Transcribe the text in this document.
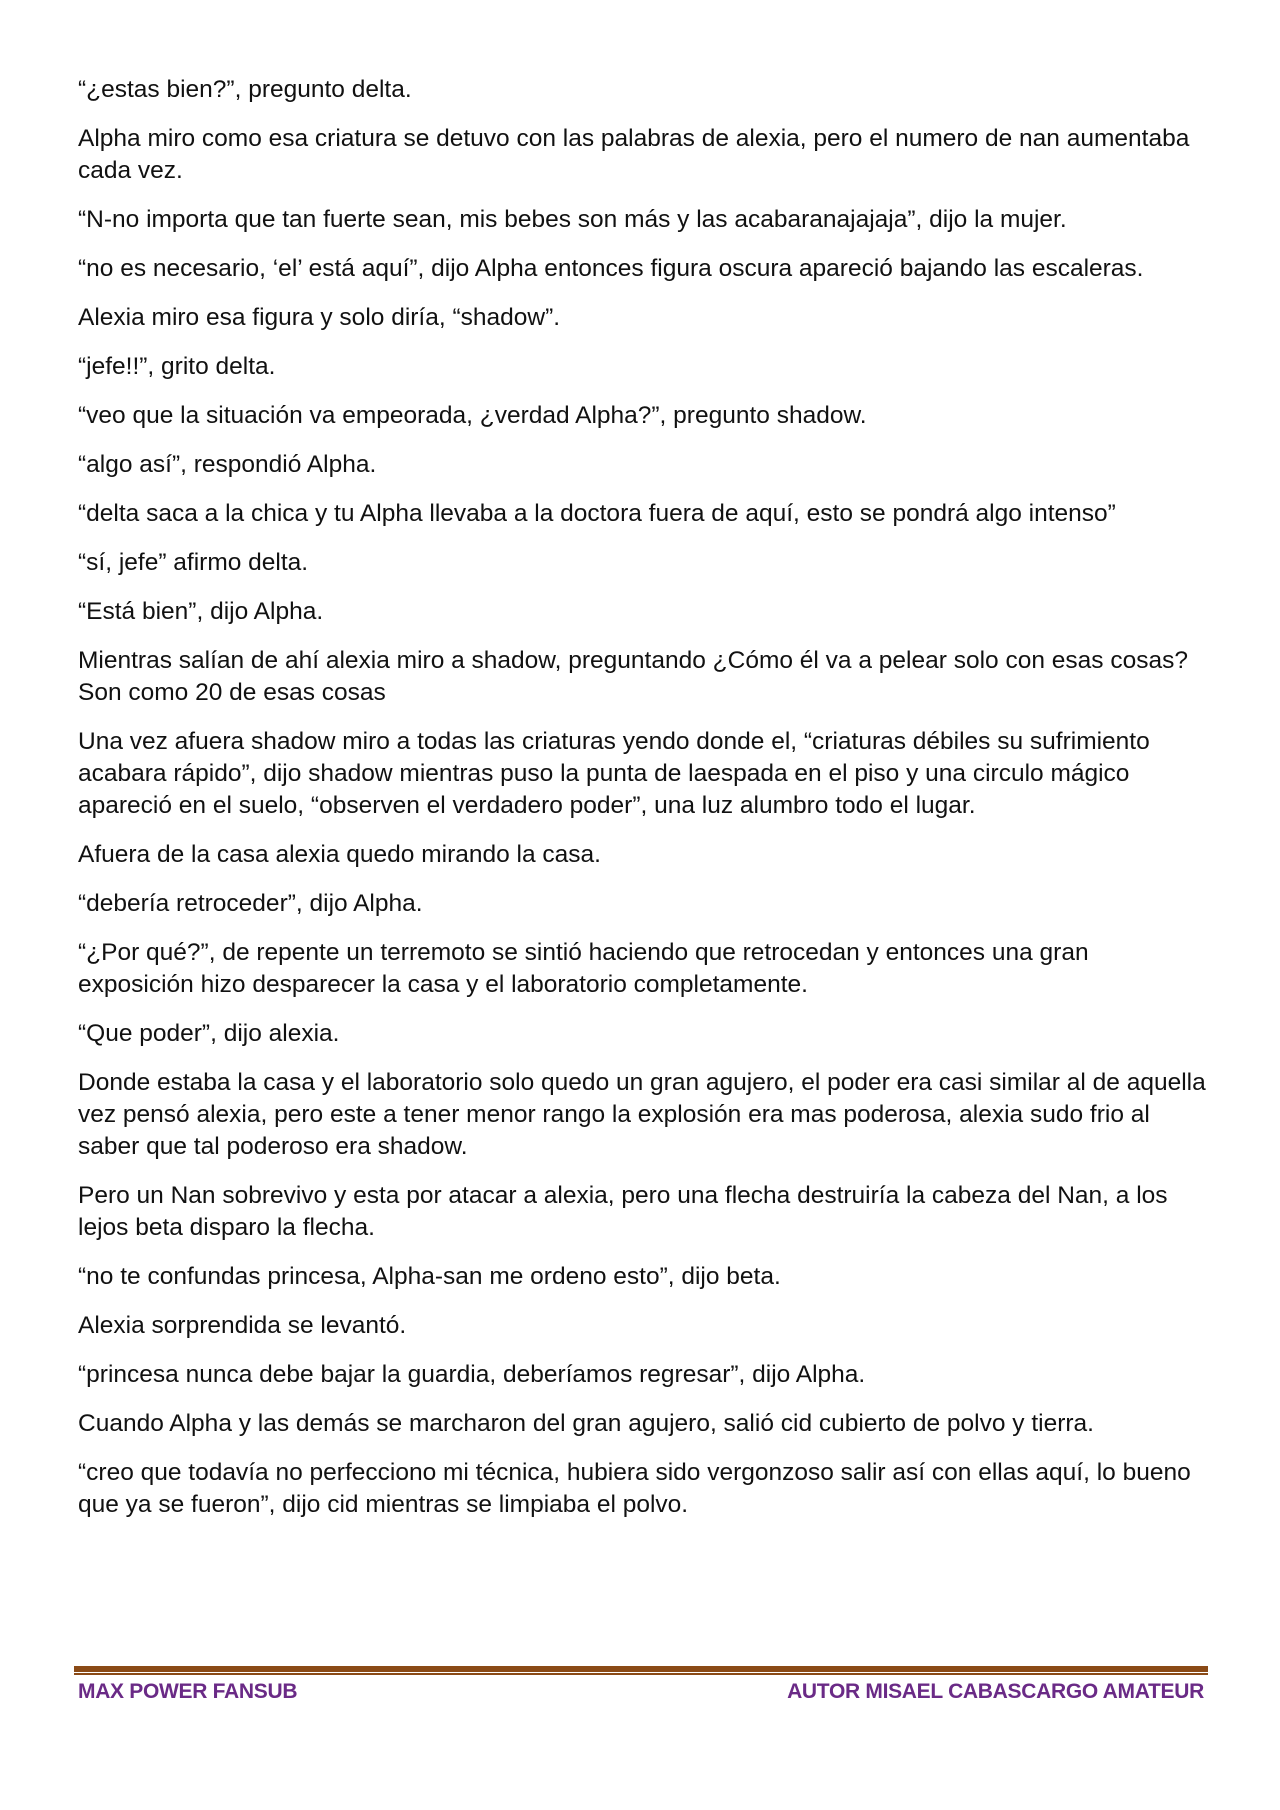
“¿estas bien?”, pregunto delta.

Alpha miro como esa criatura se detuvo con las palabras de alexia, pero el numero de nan aumentaba cada vez.

“N-no importa que tan fuerte sean, mis bebes son más y las acabaranajajaja”, dijo la mujer.

“no es necesario, ‘el’ está aquí”, dijo Alpha entonces figura oscura apareció bajando las escaleras.

Alexia miro esa figura y solo diría, “shadow”.

“jefe!!”, grito delta.

“veo que la situación va empeorada, ¿verdad Alpha?”, pregunto shadow.

“algo así”, respondió Alpha.

“delta saca a la chica y tu Alpha llevaba a la doctora fuera de aquí, esto se pondrá algo intenso”

“sí, jefe” afirmo delta.

“Está bien”, dijo Alpha.

Mientras salían de ahí alexia miro a shadow, preguntando ¿Cómo él va a pelear solo con esas cosas? Son como 20 de esas cosas

Una vez afuera shadow miro a todas las criaturas yendo donde el, “criaturas débiles su sufrimiento acabara rápido”, dijo shadow mientras puso la punta de laespada en el piso y una circulo mágico apareció en el suelo, “observen el verdadero poder”, una luz alumbro todo el lugar.

Afuera de la casa alexia quedo mirando la casa.

“debería retroceder”, dijo Alpha.

“¿Por qué?”, de repente un terremoto se sintió haciendo que retrocedan y entonces una gran exposición hizo desparecer la casa y el laboratorio completamente.

“Que poder”, dijo alexia.

Donde estaba la casa y el laboratorio solo quedo un gran agujero, el poder era casi similar al de aquella vez pensó alexia, pero este a tener menor rango la explosión era mas poderosa, alexia sudo frio al saber que tal poderoso era shadow.

Pero un Nan sobrevivo y esta por atacar a alexia, pero una flecha destruiría la cabeza del Nan, a los lejos beta disparo la flecha.

“no te confundas princesa, Alpha-san me ordeno esto”, dijo beta.

Alexia sorprendida se levantó.

“princesa nunca debe bajar la guardia, deberíamos regresar”, dijo Alpha.

Cuando Alpha y las demás se marcharon del gran agujero, salió cid cubierto de polvo y tierra.

“creo que todavía no perfecciono mi técnica, hubiera sido vergonzoso salir así con ellas aquí, lo bueno que ya se fueron”, dijo cid mientras se limpiaba el polvo.

MAX POWER FANSUB	AUTOR MISAEL CABASCARGO AMATEUR
